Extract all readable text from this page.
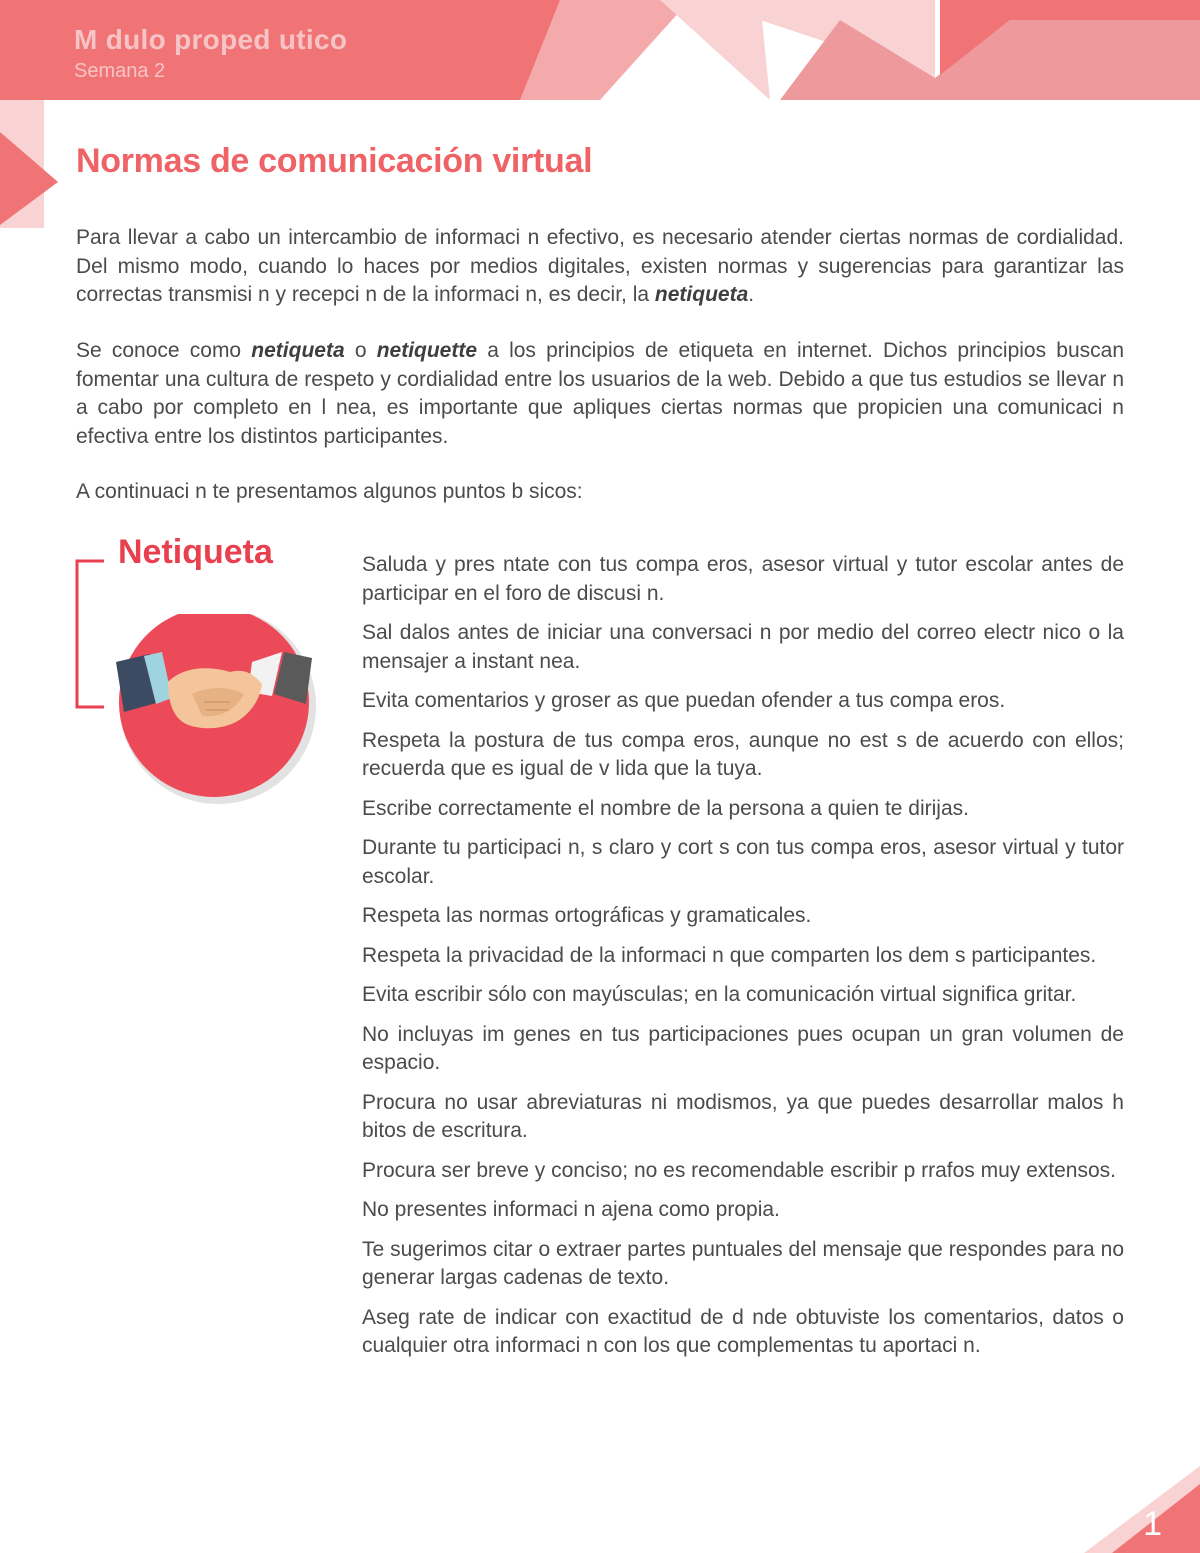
M dulo proped utico
Semana 2
Normas de comunicación virtual

Para llevar a cabo un intercambio de informaci n efectivo, es necesario atender ciertas normas de cordialidad. Del mismo modo, cuando lo haces por medios digitales, existen normas y sugerencias para garantizar las correctas transmisi n y recepci n de la informaci n, es decir, la netiqueta.

Se conoce como netiqueta o netiquette a los principios de etiqueta en internet. Dichos principios buscan fomentar una cultura de respeto y cordialidad entre los usuarios de la web. Debido a que tus estudios se llevar n a cabo por completo en l nea, es importante que apliques ciertas normas que propicien una comunicaci n efectiva entre los distintos participantes.

A continuaci n te presentamos algunos puntos b sicos:

Netiqueta	Saluda y pres ntate con tus compa eros, asesor virtual y tutor escolar antes de participar en el foro de discusi n.
Sal dalos antes de iniciar una conversaci n por medio del correo electr nico o la mensajer a instant nea.
Evita comentarios y groser as que puedan ofender a tus compa eros.
Respeta la postura de tus compa eros, aunque no est s de acuerdo con ellos; recuerda que es igual de v lida que la tuya.
Escribe correctamente el nombre de la persona a quien te dirijas.
Durante tu participaci n, s claro y cort s con tus compa eros, asesor virtual y tutor escolar.
Respeta las normas ortográficas y gramaticales.
Respeta la privacidad de la informaci n que comparten los dem s participantes.
Evita escribir sólo con mayúsculas; en la comunicación virtual significa gritar.
No incluyas im genes en tus participaciones pues ocupan un gran volumen de espacio.
Procura no usar abreviaturas ni modismos, ya que puedes desarrollar malos h bitos de escritura.
Procura ser breve y conciso; no es recomendable escribir p rrafos muy extensos.
No presentes informaci n ajena como propia.
Te sugerimos citar o extraer partes puntuales del mensaje que respondes para no generar largas cadenas de texto.
Aseg rate de indicar con exactitud de d nde obtuviste los comentarios, datos o cualquier otra informaci n con los que complementas tu aportaci n.
1
